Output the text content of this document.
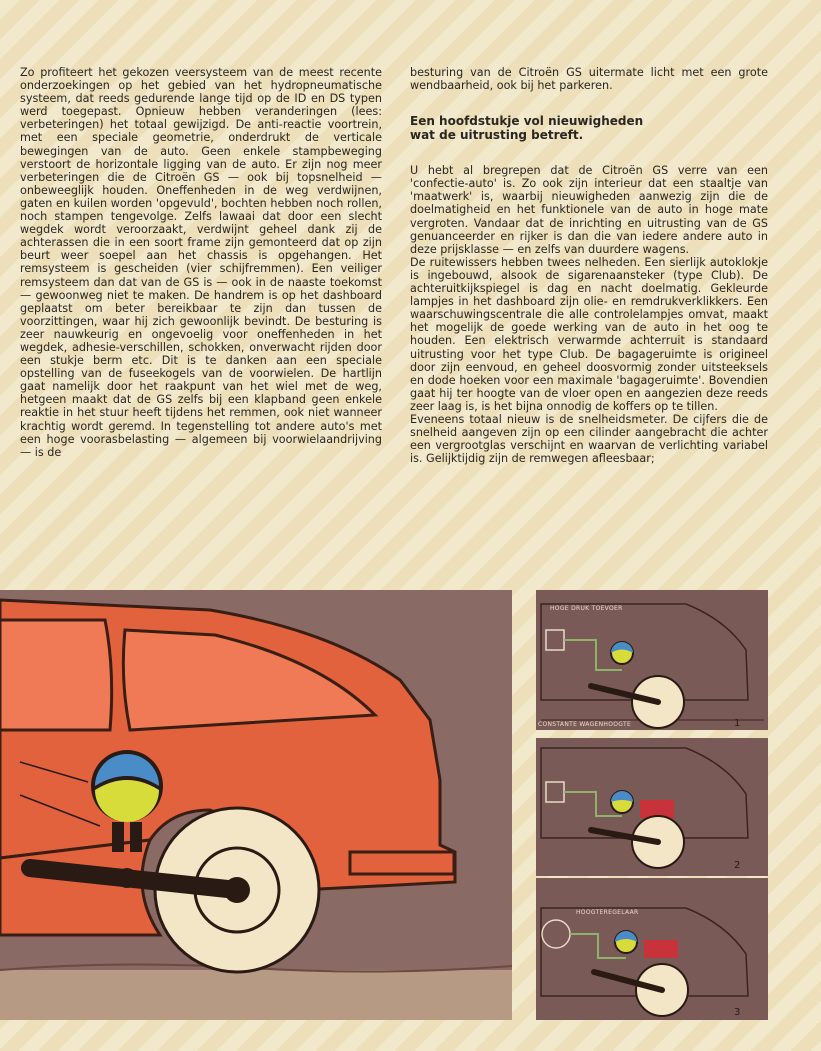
Zo profiteert het gekozen veersysteem van de meest recente onderzoekingen op het gebied van het hydropneumatische systeem, dat reeds gedurende lange tijd op de ID en DS typen werd toegepast. Opnieuw hebben veranderingen (lees: verbeteringen) het totaal gewijzigd. De anti-reactie voortrein, met een speciale geometrie, onderdrukt de verticale bewegingen van de auto. Geen enkele stampbeweging verstoort de horizontale ligging van de auto. Er zijn nog meer verbeteringen die de Citroën GS — ook bij topsnelheid — onbeweeglijk houden. Oneffenheden in de weg verdwijnen, gaten en kuilen worden 'opgevuld', bochten hebben noch rollen, noch stampen tengevolge. Zelfs lawaai dat door een slecht wegdek wordt veroorzaakt, verdwijnt geheel dank zij de achterassen die in een soort frame zijn gemonteerd dat op zijn beurt weer soepel aan het chassis is opgehangen. Het remsysteem is gescheiden (vier schijfremmen). Een veiliger remsysteem dan dat van de GS is — ook in de naaste toekomst — gewoonweg niet te maken. De handrem is op het dashboard geplaatst om beter bereikbaar te zijn dan tussen de voorzittingen, waar hij zich gewoonlijk bevindt. De besturing is zeer nauwkeurig en ongevoelig voor oneffenheden in het wegdek, adhesie-verschillen, schokken, onverwacht rijden door een stukje berm etc. Dit is te danken aan een speciale opstelling van de fuseekogels van de voorwielen. De hartlijn gaat namelijk door het raakpunt van het wiel met de weg, hetgeen maakt dat de GS zelfs bij een klapband geen enkele reaktie in het stuur heeft tijdens het remmen, ook niet wanneer krachtig wordt geremd. In tegenstelling tot andere auto's met een hoge voorasbelasting — algemeen bij voorwielaandrijving — is de

besturing van de Citroën GS uitermate licht met een grote wendbaarheid, ook bij het parkeren.

Een hoofdstukje vol nieuwigheden
wat de uitrusting betreft.

U hebt al bregrepen dat de Citroën GS verre van een 'confectie-auto' is. Zo ook zijn interieur dat een staaltje van 'maatwerk' is, waarbij nieuwigheden aanwezig zijn die de doelmatigheid en het funktionele van de auto in hoge mate vergroten. Vandaar dat de inrichting en uitrusting van de GS genuanceerder en rijker is dan die van iedere andere auto in deze prijsklasse — en zelfs van duurdere wagens.

De ruitewissers hebben twees nelheden. Een sierlijk autoklokje is ingebouwd, alsook de sigarenaansteker (type Club). De achteruitkijkspiegel is dag en nacht doelmatig. Gekleurde lampjes in het dashboard zijn olie- en remdrukverklikkers. Een waarschuwingscentrale die alle controlelampjes omvat, maakt het mogelijk de goede werking van de auto in het oog te houden. Een elektrisch verwarmde achterruit is standaard uitrusting voor het type Club. De bagageruimte is origineel door zijn eenvoud, en geheel doosvormig zonder uitsteeksels en dode hoeken voor een maximale 'bagageruimte'. Bovendien gaat hij ter hoogte van de vloer open en aangezien deze reeds zeer laag is, is het bijna onnodig de koffers op te tillen.

Eveneens totaal nieuw is de snelheidsmeter. De cijfers die de snelheid aangeven zijn op een cilinder aangebracht die achter een vergrootglas verschijnt en waarvan de verlichting variabel is. Gelijktijdig zijn de remwegen afleesbaar;

HOGE DRUK TOEVOER
CONSTANTE WAGENHOOGTE	1
2
HOOGTEREGELAAR
3
